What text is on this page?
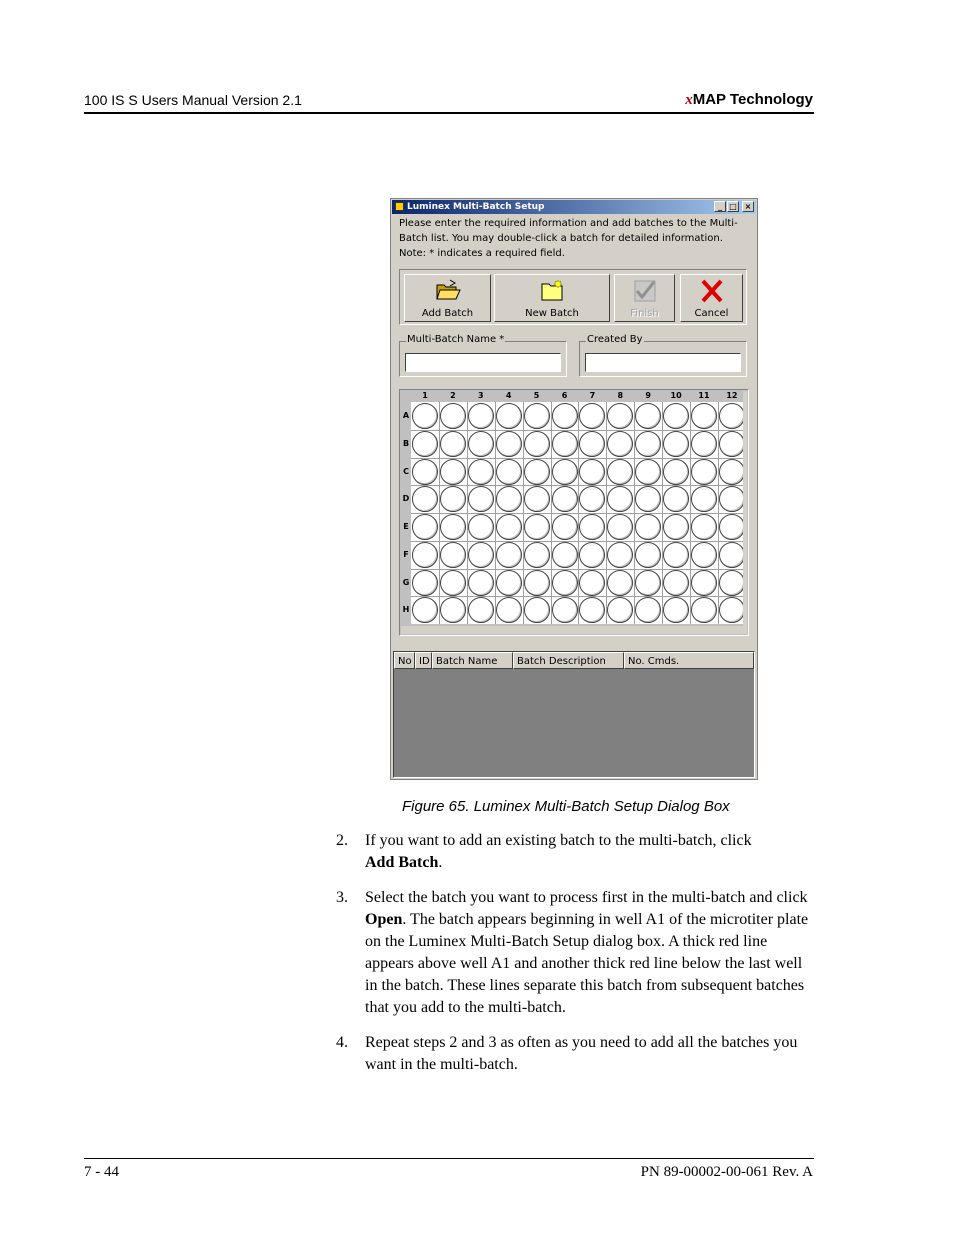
100 IS S Users Manual Version 2.1	xMAP Technology
Luminex Multi-Batch Setup	_ □ ×
Please enter the required information and add batches to the Multi-Batch list. You may double-click a batch for detailed information. Note: * indicates a required field.
Add Batch	New Batch	Finish	Cancel
Multi-Batch Name *	Created By
1	2	3	4	5	6	7	8	9	10	11	12
A
B
C
D
E
F
G
H
No ID Batch Name	Batch Description	No. Cmds.
Figure 65. Luminex Multi-Batch Setup Dialog Box
2. If you want to add an existing batch to the multi-batch, click
Add Batch.
3. Select the batch you want to process first in the multi-batch and click Open. The batch appears beginning in well A1 of the microtiter plate on the Luminex Multi-Batch Setup dialog box. A thick red line appears above well A1 and another thick red line below the last well in the batch. These lines separate this batch from subsequent batches that you add to the multi-batch.
4. Repeat steps 2 and 3 as often as you need to add all the batches you want in the multi-batch.
7 - 44	PN 89-00002-00-061 Rev. A
